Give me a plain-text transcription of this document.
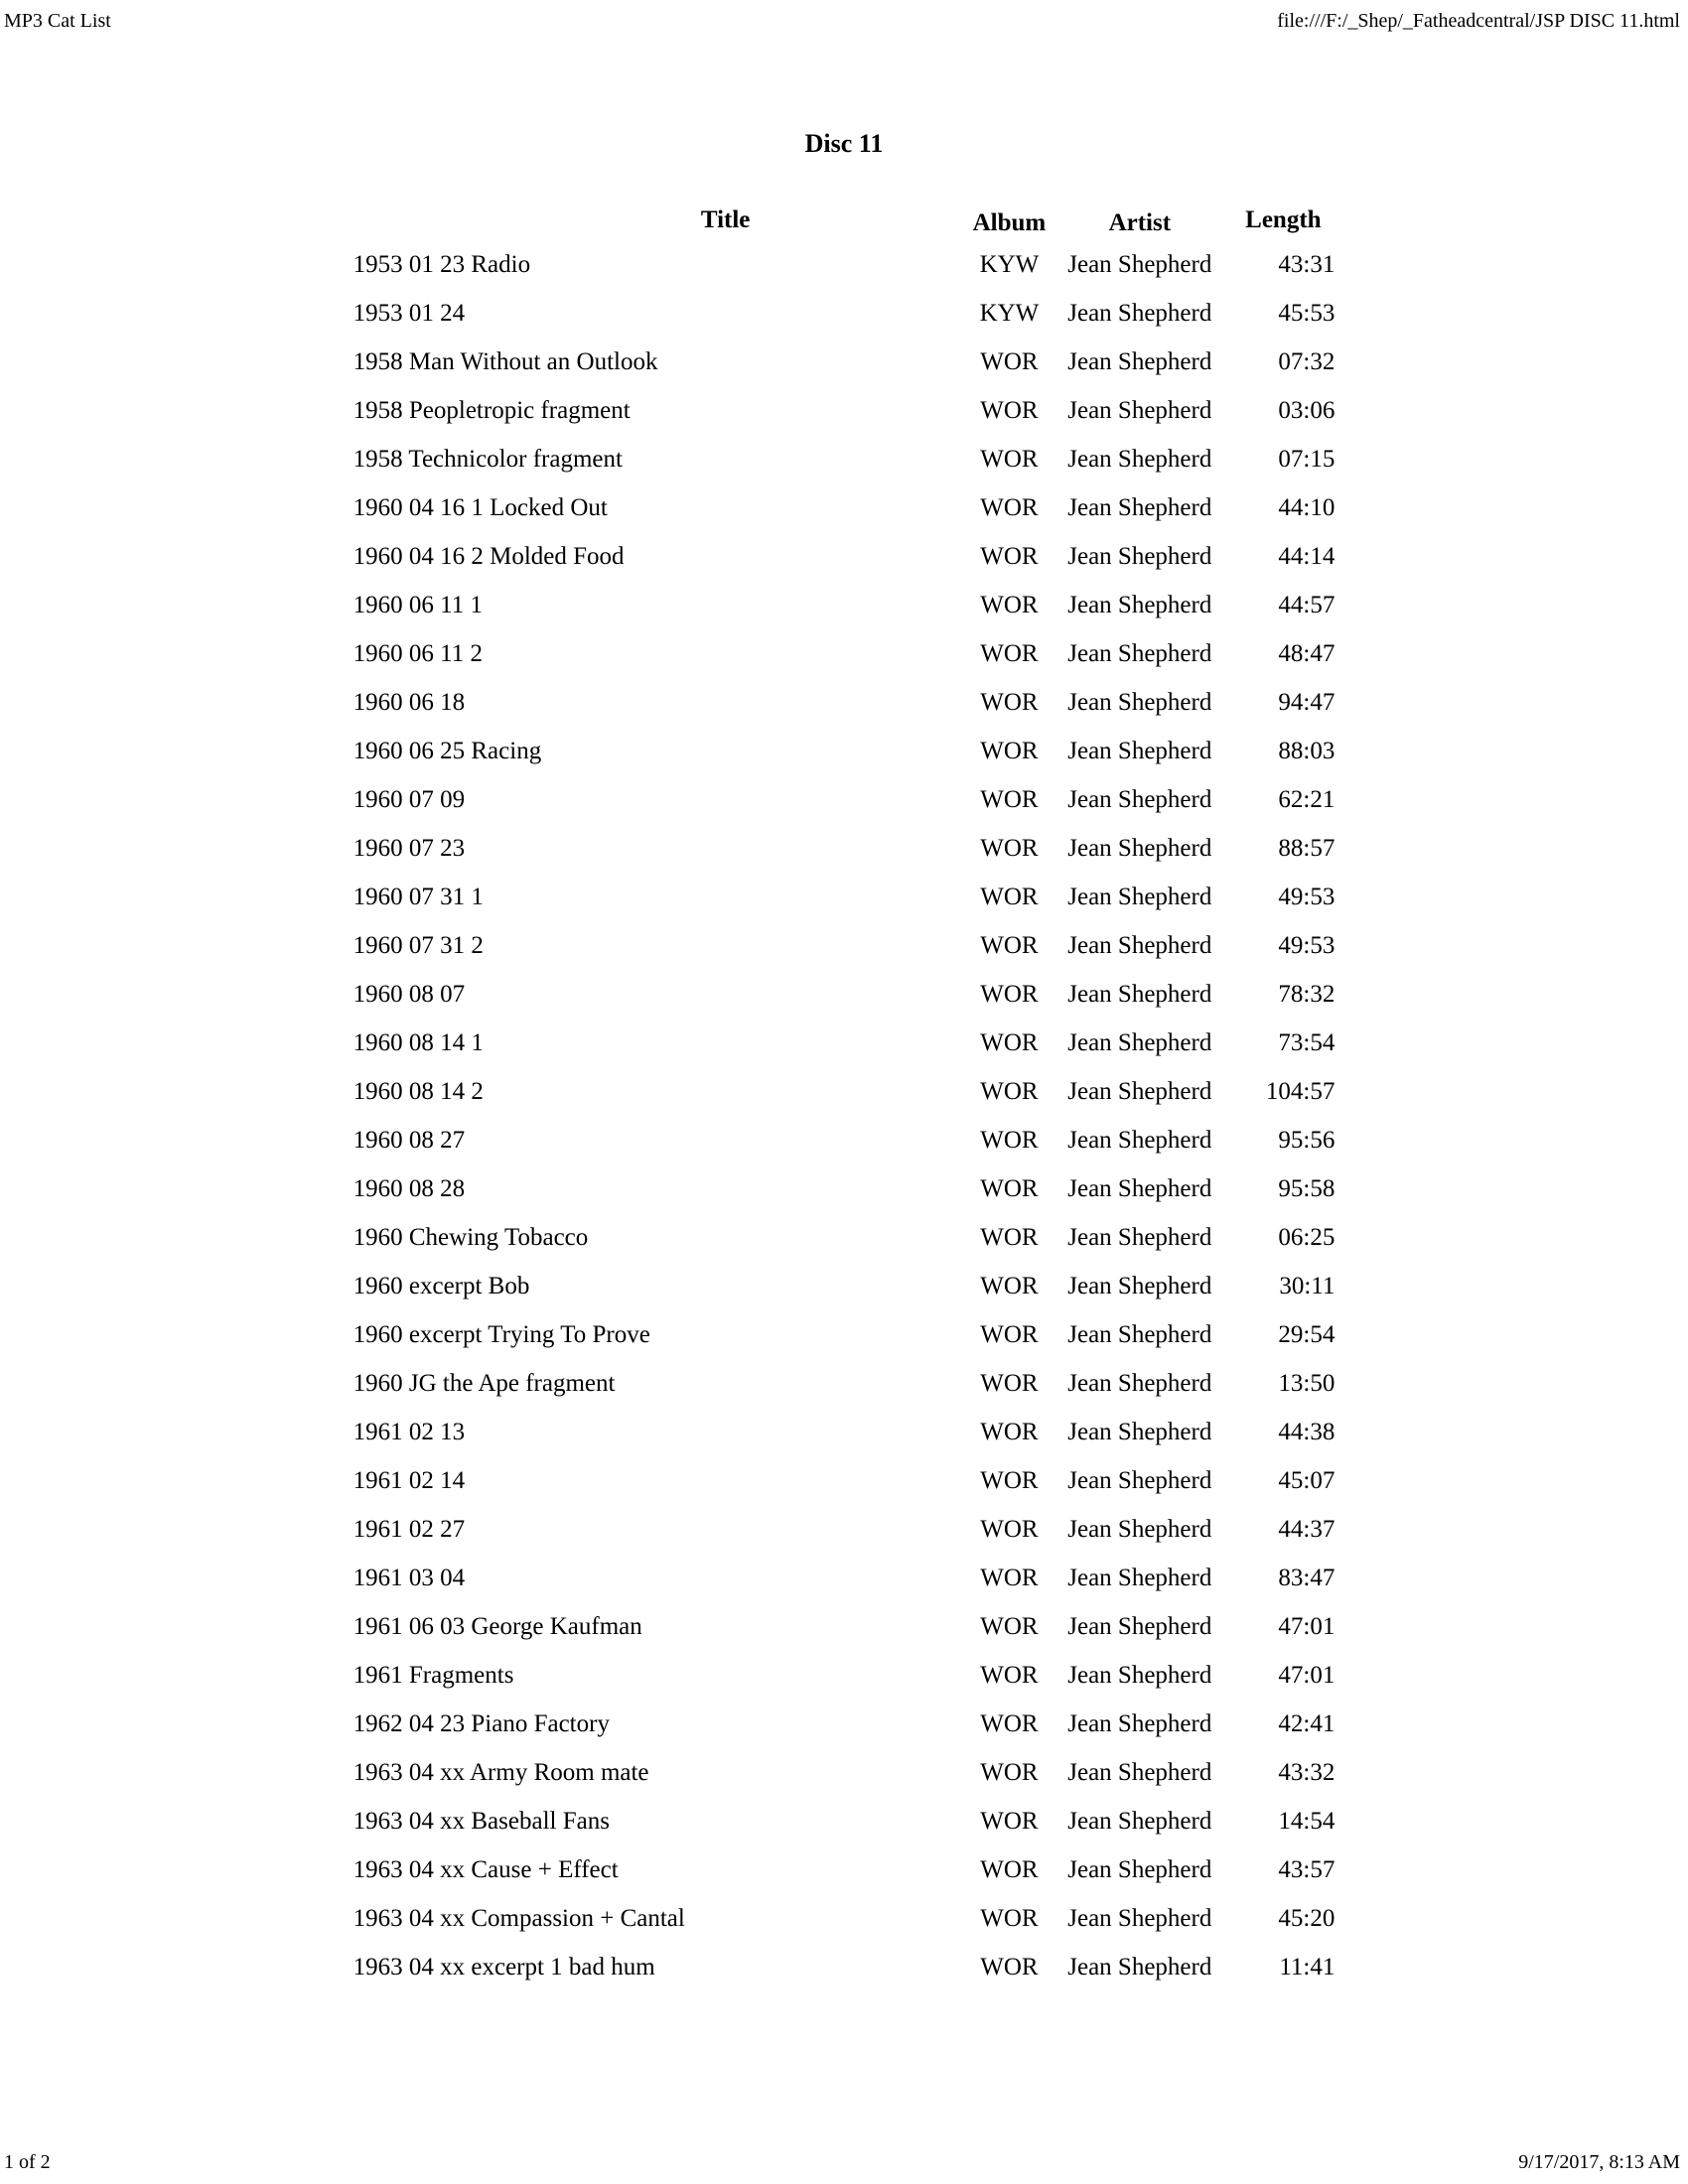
MP3 Cat List	file:///F:/_Shep/_Fatheadcentral/JSP DISC 11.html
Disc 11
Title	Album	Artist	Length
1953 01 23 Radio	KYW	Jean Shepherd	43:31
1953 01 24	KYW	Jean Shepherd	45:53
1958 Man Without an Outlook	WOR	Jean Shepherd	07:32
1958 Peopletropic fragment	WOR	Jean Shepherd	03:06
1958 Technicolor fragment	WOR	Jean Shepherd	07:15
1960 04 16 1 Locked Out	WOR	Jean Shepherd	44:10
1960 04 16 2 Molded Food	WOR	Jean Shepherd	44:14
1960 06 11 1	WOR	Jean Shepherd	44:57
1960 06 11 2	WOR	Jean Shepherd	48:47
1960 06 18	WOR	Jean Shepherd	94:47
1960 06 25 Racing	WOR	Jean Shepherd	88:03
1960 07 09	WOR	Jean Shepherd	62:21
1960 07 23	WOR	Jean Shepherd	88:57
1960 07 31 1	WOR	Jean Shepherd	49:53
1960 07 31 2	WOR	Jean Shepherd	49:53
1960 08 07	WOR	Jean Shepherd	78:32
1960 08 14 1	WOR	Jean Shepherd	73:54
1960 08 14 2	WOR	Jean Shepherd	104:57
1960 08 27	WOR	Jean Shepherd	95:56
1960 08 28	WOR	Jean Shepherd	95:58
1960 Chewing Tobacco	WOR	Jean Shepherd	06:25
1960 excerpt Bob	WOR	Jean Shepherd	30:11
1960 excerpt Trying To Prove	WOR	Jean Shepherd	29:54
1960 JG the Ape fragment	WOR	Jean Shepherd	13:50
1961 02 13	WOR	Jean Shepherd	44:38
1961 02 14	WOR	Jean Shepherd	45:07
1961 02 27	WOR	Jean Shepherd	44:37
1961 03 04	WOR	Jean Shepherd	83:47
1961 06 03 George Kaufman	WOR	Jean Shepherd	47:01
1961 Fragments	WOR	Jean Shepherd	47:01
1962 04 23 Piano Factory	WOR	Jean Shepherd	42:41
1963 04 xx Army Room mate	WOR	Jean Shepherd	43:32
1963 04 xx Baseball Fans	WOR	Jean Shepherd	14:54
1963 04 xx Cause + Effect	WOR	Jean Shepherd	43:57
1963 04 xx Compassion + Cantal	WOR	Jean Shepherd	45:20
1963 04 xx excerpt 1 bad hum	WOR	Jean Shepherd	11:41
1 of 2	9/17/2017, 8:13 AM
